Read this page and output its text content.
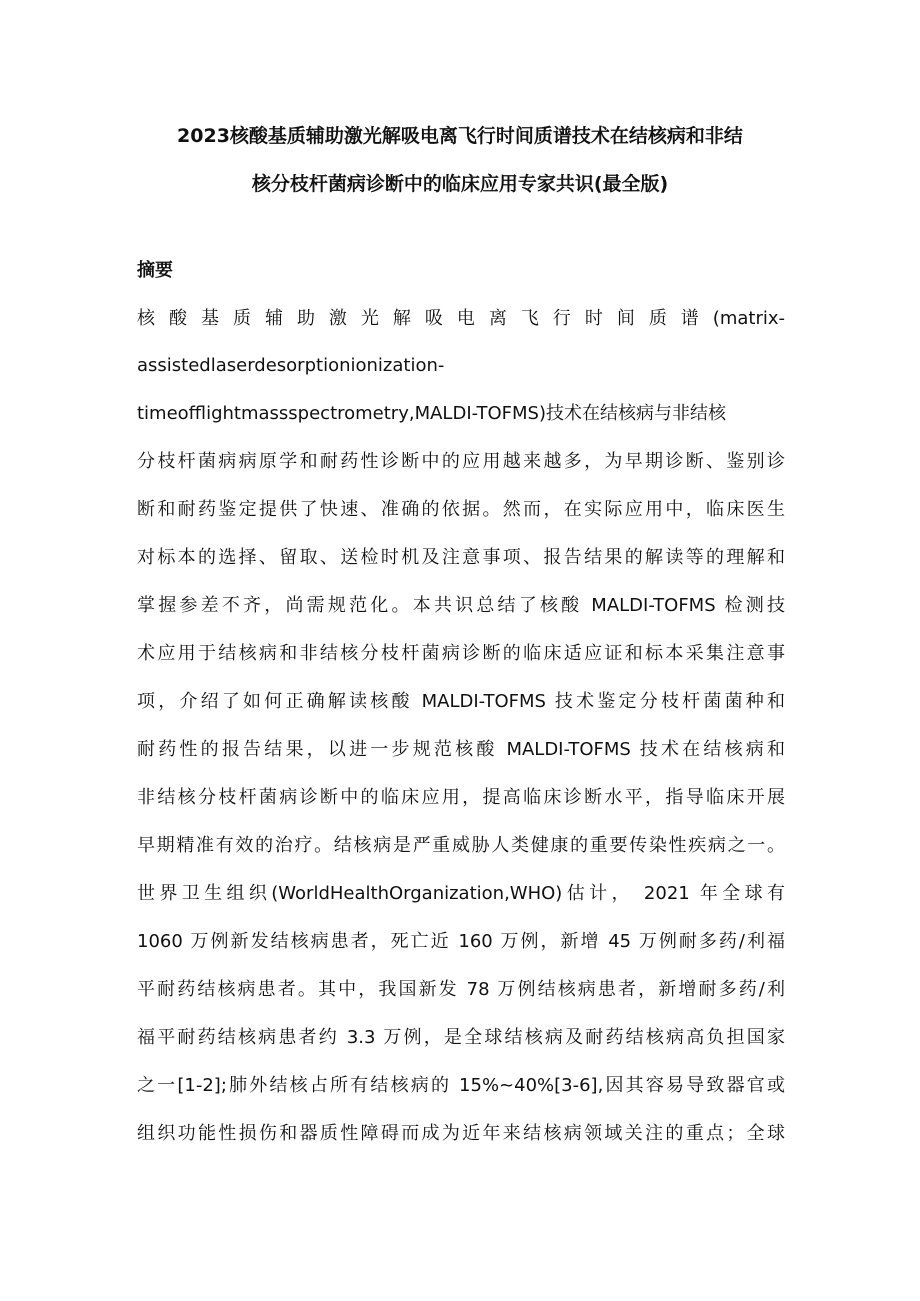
2023核酸基质辅助激光解吸电离飞行时间质谱技术在结核病和非结
核分枝杆菌病诊断中的临床应用专家共识(最全版)
摘要
核 酸 基 质 辅 助 激 光 解 吸 电 离 飞 行 时 间 质 谱 (matrix-
assistedlaserdesorptionionization-
timeofflightmassspectrometry,MALDI-TOFMS)技术在结核病与非结核
分枝杆菌病病原学和耐药性诊断中的应用越来越多，为早期诊断、鉴别诊
断和耐药鉴定提供了快速、准确的依据。然而，在实际应用中，临床医生
对标本的选择、留取、送检时机及注意事项、报告结果的解读等的理解和
掌握参差不齐，尚需规范化。本共识总结了核酸 MALDI-TOFMS 检测技
术应用于结核病和非结核分枝杆菌病诊断的临床适应证和标本采集注意事
项，介绍了如何正确解读核酸 MALDI-TOFMS 技术鉴定分枝杆菌菌种和
耐药性的报告结果，以进一步规范核酸 MALDI-TOFMS 技术在结核病和
非结核分枝杆菌病诊断中的临床应用，提高临床诊断水平，指导临床开展
早期精准有效的治疗。结核病是严重威胁人类健康的重要传染性疾病之一。
世界卫生组织(WorldHealthOrganization,WHO)估计， 2021 年全球有
1060 万例新发结核病患者，死亡近 160 万例，新增 45 万例耐多药/利福
平耐药结核病患者。其中，我国新发 78 万例结核病患者，新增耐多药/利
福平耐药结核病患者约 3.3 万例，是全球结核病及耐药结核病高负担国家
之一[1-2];肺外结核占所有结核病的 15%~40%[3-6],因其容易导致器官或
组织功能性损伤和器质性障碍而成为近年来结核病领域关注的重点；全球
